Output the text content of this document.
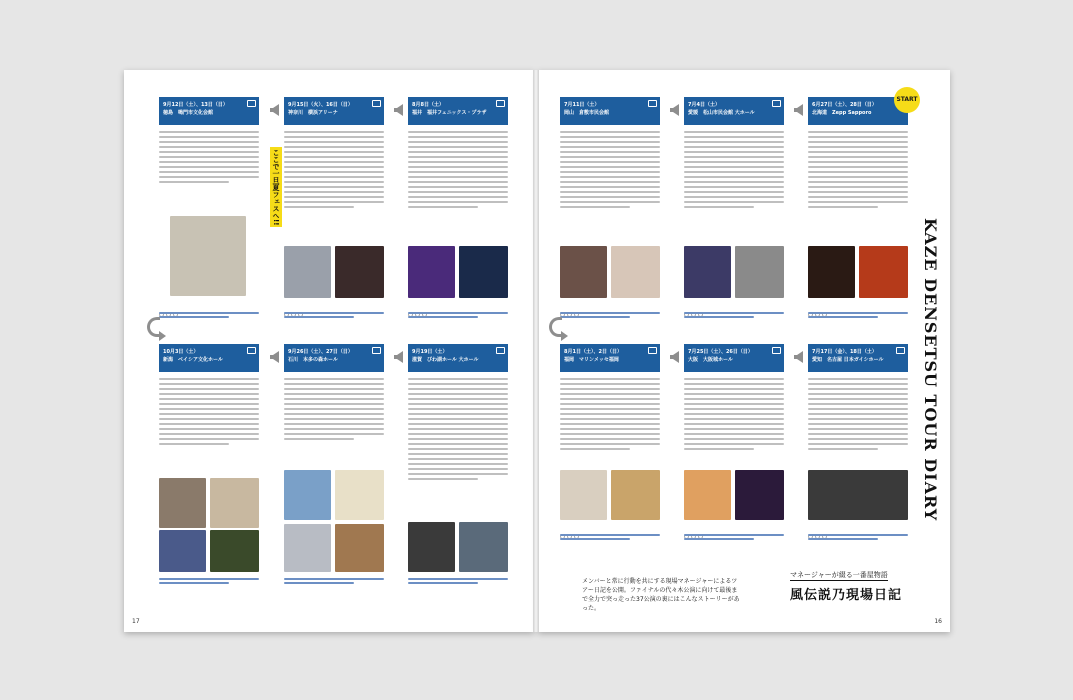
17	16
6月27日（土）、28日（日）
北海道　Zepp Sapporo
7月4日（土）
愛媛　松山市民会館 大ホール
7月11日（土）
岡山　倉敷市民会館
7月17日（金）、18日（土）
愛知　名古屋 日本ガイシホール
7月25日（土）、26日（日）
大阪　大阪城ホール
8月1日（土）、2日（日）
福岡　マリンメッセ福岡
8月8日（土）
福井　福井フェニックス・プラザ
9月15日（火）、16日（日）
神奈川　横浜アリーナ
9月12日（土）、13日（日）
徳島　鳴門市文化会館
ここで一旦夏フェスへ!!
9月19日（土）
滋賀　びわ湖ホール 大ホール
9月26日（土）、27日（日）
石川　本多の森ホール
10月3日（土）
新潟　ベイシア文化ホール
START
KAZE DENSETSU TOUR DIARY
メンバーと常に行動を共にする現場マネージャーによるツアー日記を公開。ファイナルの代々木公演に向けて最後まで全力で突っ走った37公演の裏にはこんなストーリーがあった。
マネージャーが綴る一番屋物語
風伝説乃現場日記
